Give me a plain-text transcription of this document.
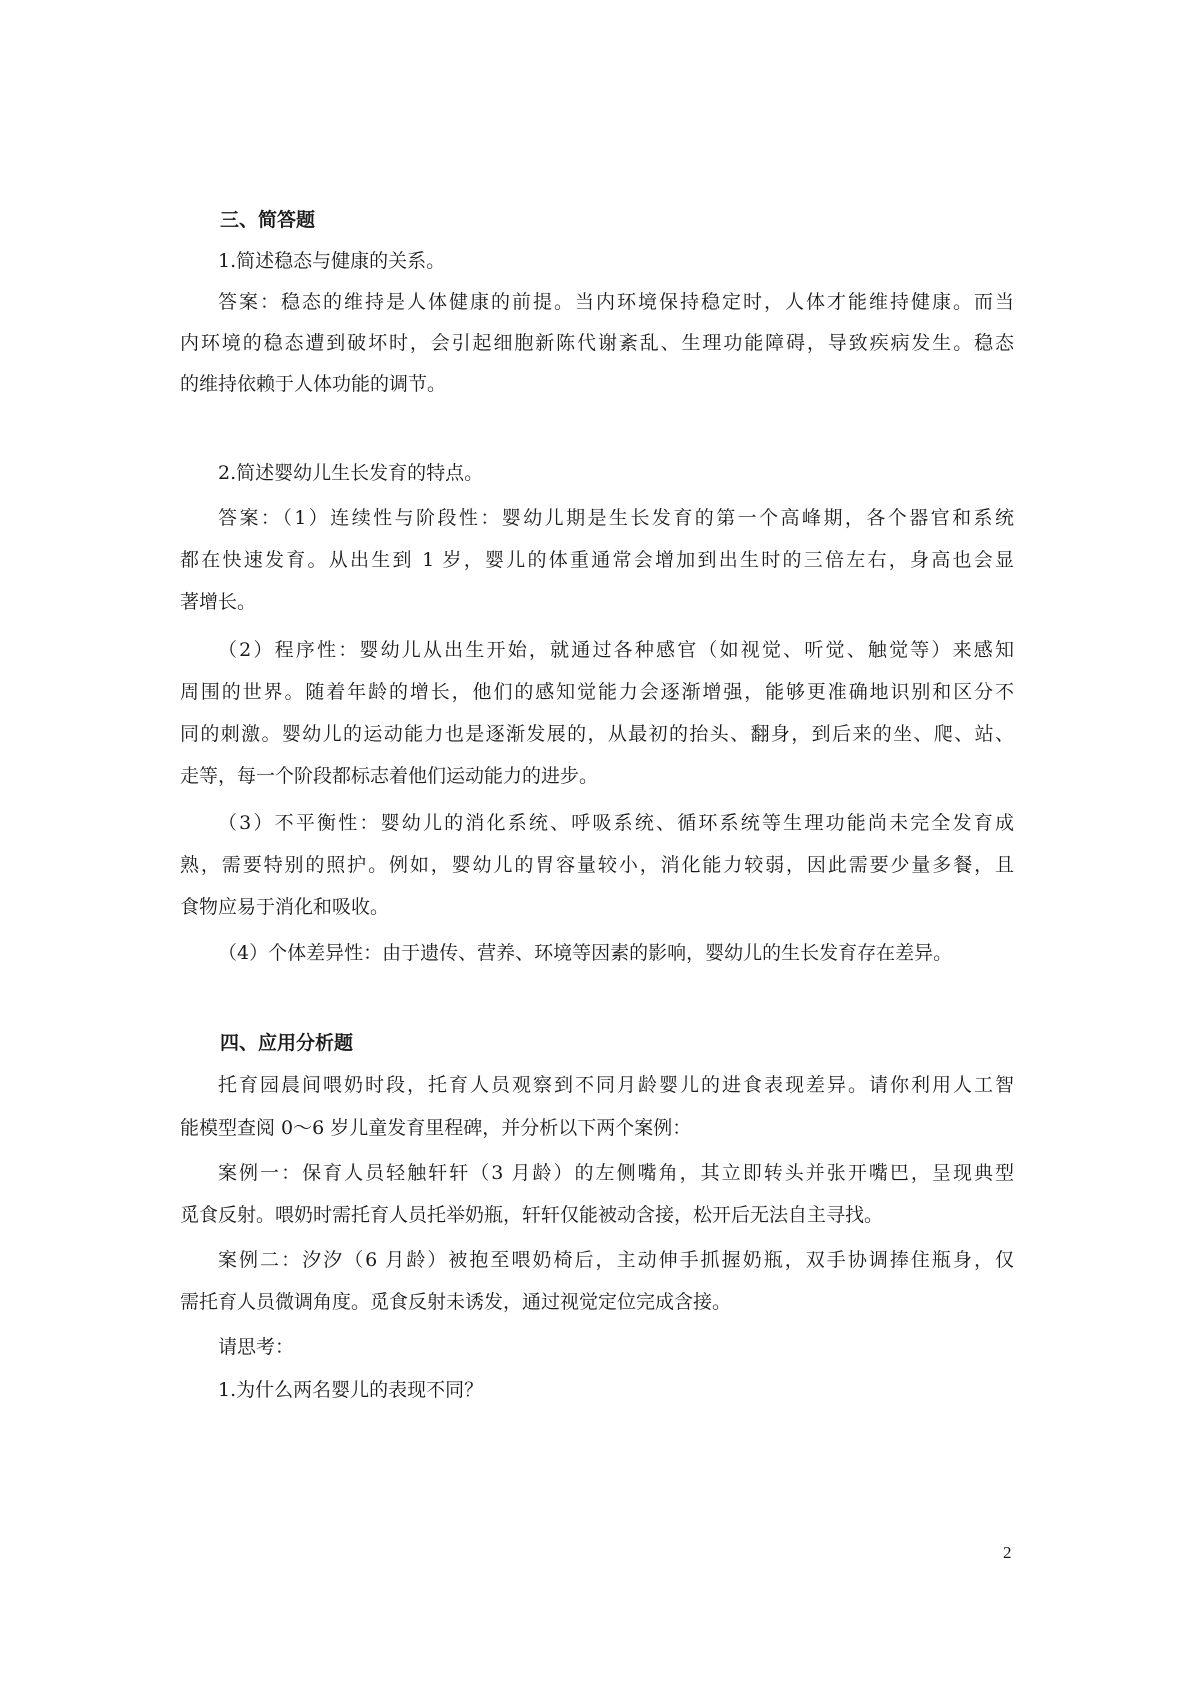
三、简答题
1.简述稳态与健康的关系。
答案：稳态的维持是人体健康的前提。当内环境保持稳定时，人体才能维持健康。而当
内环境的稳态遭到破坏时，会引起细胞新陈代谢紊乱、生理功能障碍，导致疾病发生。稳态
的维持依赖于人体功能的调节。
2.简述婴幼儿生长发育的特点。
答案：（1）连续性与阶段性：婴幼儿期是生长发育的第一个高峰期，各个器官和系统
都在快速发育。从出生到 1 岁，婴儿的体重通常会增加到出生时的三倍左右，身高也会显
著增长。
（2）程序性：婴幼儿从出生开始，就通过各种感官（如视觉、听觉、触觉等）来感知
周围的世界。随着年龄的增长，他们的感知觉能力会逐渐增强，能够更准确地识别和区分不
同的刺激。婴幼儿的运动能力也是逐渐发展的，从最初的抬头、翻身，到后来的坐、爬、站、
走等，每一个阶段都标志着他们运动能力的进步。
（3）不平衡性：婴幼儿的消化系统、呼吸系统、循环系统等生理功能尚未完全发育成
熟，需要特别的照护。例如，婴幼儿的胃容量较小，消化能力较弱，因此需要少量多餐，且
食物应易于消化和吸收。
（4）个体差异性：由于遗传、营养、环境等因素的影响，婴幼儿的生长发育存在差异。
四、应用分析题
托育园晨间喂奶时段，托育人员观察到不同月龄婴儿的进食表现差异。请你利用人工智
能模型查阅 0～6 岁儿童发育里程碑，并分析以下两个案例：
案例一：保育人员轻触轩轩（3 月龄）的左侧嘴角，其立即转头并张开嘴巴，呈现典型
觅食反射。喂奶时需托育人员托举奶瓶，轩轩仅能被动含接，松开后无法自主寻找。
案例二：汐汐（6 月龄）被抱至喂奶椅后，主动伸手抓握奶瓶，双手协调捧住瓶身，仅
需托育人员微调角度。觅食反射未诱发，通过视觉定位完成含接。
请思考：
1.为什么两名婴儿的表现不同？
2
